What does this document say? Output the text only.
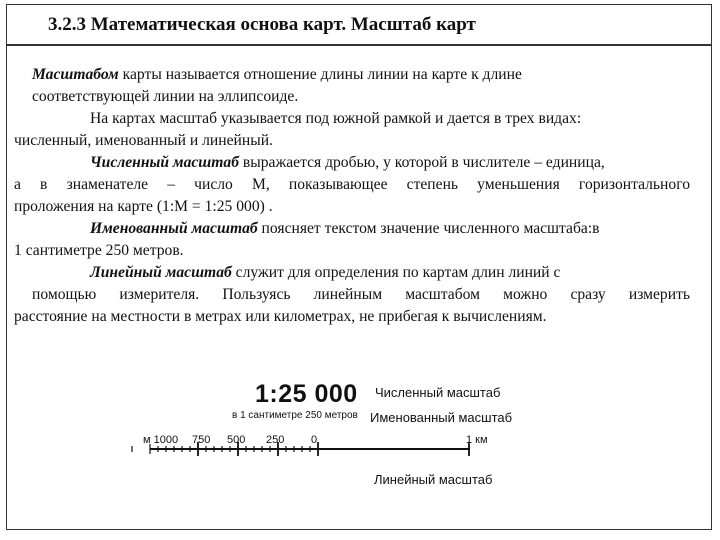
3.2.3 Математическая основа карт. Масштаб карт
Масштабом карты называется отношение длины линии на карте к длине
соответствующей линии на эллипсоиде.
На картах масштаб указывается под южной рамкой и дается в трех видах:
численный, именованный и линейный.
Численный масштаб выражается дробью, у которой в числителе – единица,
а в знаменателе – число М, показывающее степень уменьшения горизонтального
проложения на карте (1:М = 1:25 000) .
Именованный масштаб поясняет текстом значение численного масштаба:в
1 сантиметре 250 метров.
Линейный масштаб служит для определения по картам длин линий с
помощью измерителя. Пользуясь линейным масштабом можно сразу измерить
расстояние на местности в метрах или километрах, не прибегая к вычислениям.
1:25 000
в 1 сантиметре 250 метров
Численный масштаб
Именованный масштаб
Линейный масштаб
м 1000 750 500 250 0	1 км
